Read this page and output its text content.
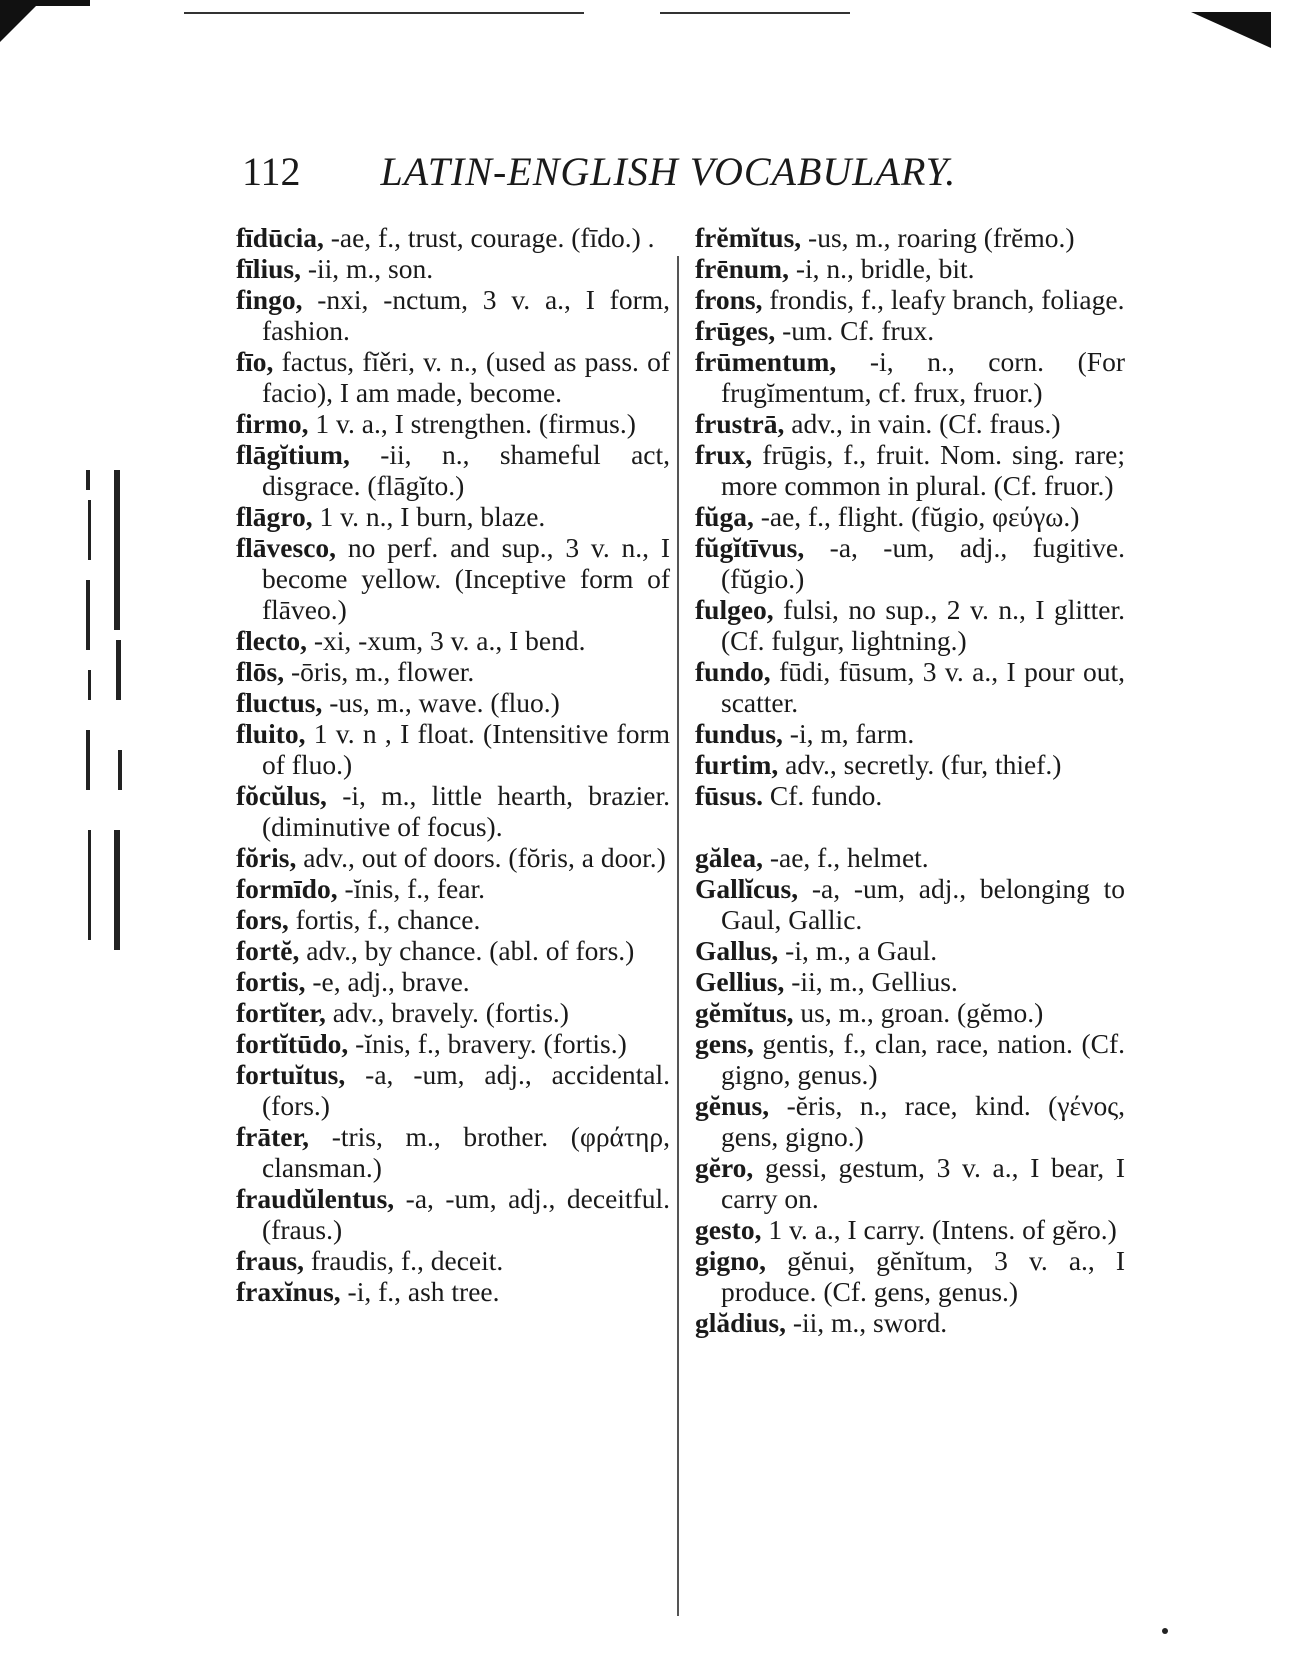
112 LATIN-ENGLISH VOCABULARY.

fīdūcia, -ae, f., trust, courage. (fīdo.) .

fīlius, -ii, m., son.

fingo, -nxi, -nctum, 3 v. a., I form, fashion.

fīo, factus, fĭěri, v. n., (used as pass. of facio), I am made, become.

firmo, 1 v. a., I strengthen. (firmus.)

flāgĭtium, -ii, n., shameful act, disgrace. (flāgĭto.)

flāgro, 1 v. n., I burn, blaze.

flāvesco, no perf. and sup., 3 v. n., I become yellow. (Inceptive form of flāveo.)

flecto, -xi, -xum, 3 v. a., I bend.

flōs, -ōris, m., flower.

fluctus, -us, m., wave. (fluo.)

fluito, 1 v. n , I float. (Intensitive form of fluo.)

fŏcŭlus, -i, m., little hearth, brazier. (diminutive of focus).

fŏris, adv., out of doors. (fŏris, a door.)

formīdo, -ĭnis, f., fear.

fors, fortis, f., chance.

fortĕ, adv., by chance. (abl. of fors.)

fortis, -e, adj., brave.

fortĭter, adv., bravely. (fortis.)

fortĭtūdo, -ĭnis, f., bravery. (fortis.)

fortuĭtus, -a, -um, adj., accidental. (fors.)

frāter, -tris, m., brother. (φράτηρ, clansman.)

fraudŭlentus, -a, -um, adj., deceitful. (fraus.)

fraus, fraudis, f., deceit.

fraxĭnus, -i, f., ash tree.

frĕmĭtus, -us, m., roaring (frĕmo.)

frēnum, -i, n., bridle, bit.

frons, frondis, f., leafy branch, foliage.

frūges, -um. Cf. frux.

frūmentum, -i, n., corn. (For frugĭmentum, cf. frux, fruor.)

frustrā, adv., in vain. (Cf. fraus.)

frux, frūgis, f., fruit. Nom. sing. rare; more common in plural. (Cf. fruor.)

fŭga, -ae, f., flight. (fŭgio, φεύγω.)

fŭgĭtīvus, -a, -um, adj., fugitive. (fŭgio.)

fulgeo, fulsi, no sup., 2 v. n., I glitter. (Cf. fulgur, lightning.)

fundo, fūdi, fūsum, 3 v. a., I pour out, scatter.

fundus, -i, m, farm.

furtim, adv., secretly. (fur, thief.)

fūsus. Cf. fundo.

gălea, -ae, f., helmet.

Gallĭcus, -a, -um, adj., belonging to Gaul, Gallic.

Gallus, -i, m., a Gaul.

Gellius, -ii, m., Gellius.

gĕmĭtus, us, m., groan. (gĕmo.)

gens, gentis, f., clan, race, nation. (Cf. gigno, genus.)

gĕnus, -ĕris, n., race, kind. (γένος, gens, gigno.)

gĕro, gessi, gestum, 3 v. a., I bear, I carry on.

gesto, 1 v. a., I carry. (Intens. of gĕro.)

gigno, gĕnui, gĕnĭtum, 3 v. a., I produce. (Cf. gens, genus.)

glădius, -ii, m., sword.
